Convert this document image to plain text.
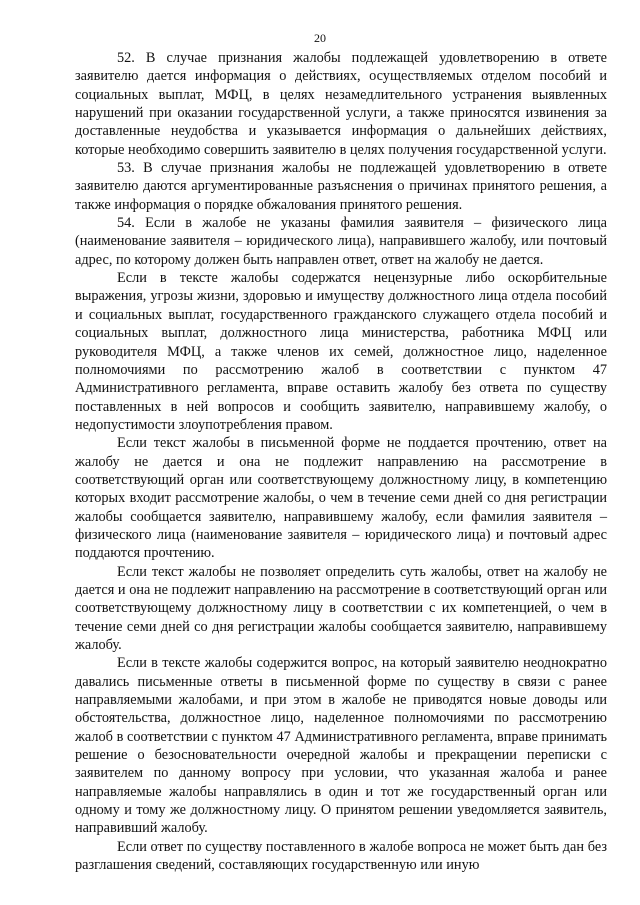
20

52. В случае признания жалобы подлежащей удовлетворению в ответе заявителю дается информация о действиях, осуществляемых отделом пособий и социальных выплат, МФЦ, в целях незамедлительного устранения выявленных нарушений при оказании государственной услуги, а также приносятся извинения за доставленные неудобства и указывается информация о дальнейших действиях, которые необходимо совершить заявителю в целях получения государственной услуги.

53. В случае признания жалобы не подлежащей удовлетворению в ответе заявителю даются аргументированные разъяснения о причинах принятого решения, а также информация о порядке обжалования принятого решения.

54. Если в жалобе не указаны фамилия заявителя – физического лица (наименование заявителя – юридического лица), направившего жалобу, или почтовый адрес, по которому должен быть направлен ответ, ответ на жалобу не дается.

Если в тексте жалобы содержатся нецензурные либо оскорбительные выражения, угрозы жизни, здоровью и имуществу должностного лица отдела пособий и социальных выплат, государственного гражданского служащего отдела пособий и социальных выплат, должностного лица министерства, работника МФЦ или руководителя МФЦ, а также членов их семей, должностное лицо, наделенное полномочиями по рассмотрению жалоб в соответствии с пунктом 47 Административного регламента, вправе оставить жалобу без ответа по существу поставленных в ней вопросов и сообщить заявителю, направившему жалобу, о недопустимости злоупотребления правом.

Если текст жалобы в письменной форме не поддается прочтению, ответ на жалобу не дается и она не подлежит направлению на рассмотрение в соответствующий орган или соответствующему должностному лицу, в компетенцию которых входит рассмотрение жалобы, о чем в течение семи дней со дня регистрации жалобы сообщается заявителю, направившему жалобу, если фамилия заявителя – физического лица (наименование заявителя – юридического лица) и почтовый адрес поддаются прочтению.

Если текст жалобы не позволяет определить суть жалобы, ответ на жалобу не дается и она не подлежит направлению на рассмотрение в соответствующий орган или соответствующему должностному лицу в соответствии с их компетенцией, о чем в течение семи дней со дня регистрации жалобы сообщается заявителю, направившему жалобу.

Если в тексте жалобы содержится вопрос, на который заявителю неоднократно давались письменные ответы в письменной форме по существу в связи с ранее направляемыми жалобами, и при этом в жалобе не приводятся новые доводы или обстоятельства, должностное лицо, наделенное полномочиями по рассмотрению жалоб в соответствии с пунктом 47 Административного регламента, вправе принимать решение о безосновательности очередной жалобы и прекращении переписки с заявителем по данному вопросу при условии, что указанная жалоба и ранее направляемые жалобы направлялись в один и тот же государственный орган или одному и тому же должностному лицу. О принятом решении уведомляется заявитель, направивший жалобу.

Если ответ по существу поставленного в жалобе вопроса не может быть дан без разглашения сведений, составляющих государственную или иную
